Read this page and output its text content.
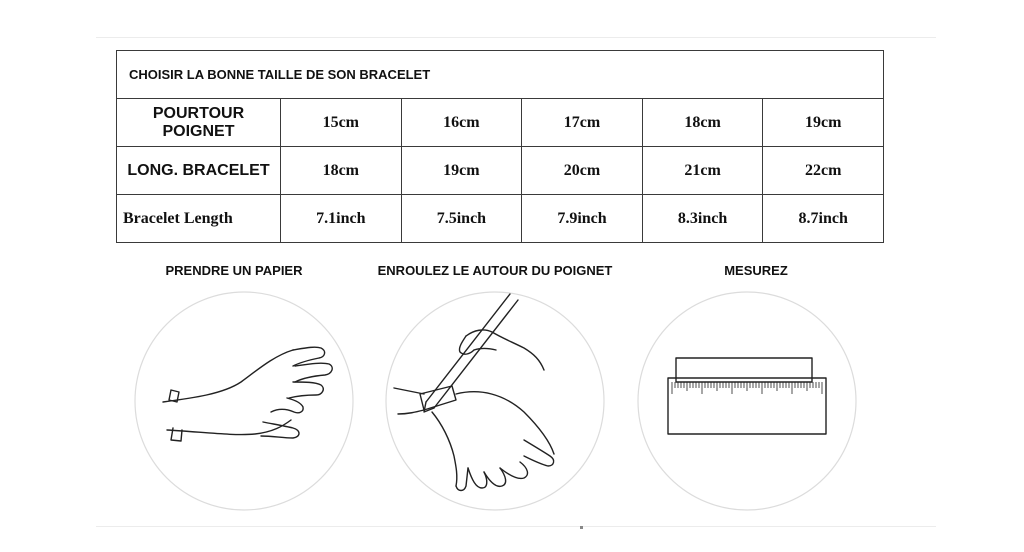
CHOISIR LA BONNE TAILLE DE SON BRACELET					
POURTOUR POIGNET	15cm	16cm	17cm	18cm	19cm
LONG. BRACELET	18cm	19cm	20cm	21cm	22cm
Bracelet Length	7.1inch	7.5inch	7.9inch	8.3inch	8.7inch
PRENDRE UN PAPIER	ENROULEZ LE AUTOUR DU POIGNET	MESUREZ
